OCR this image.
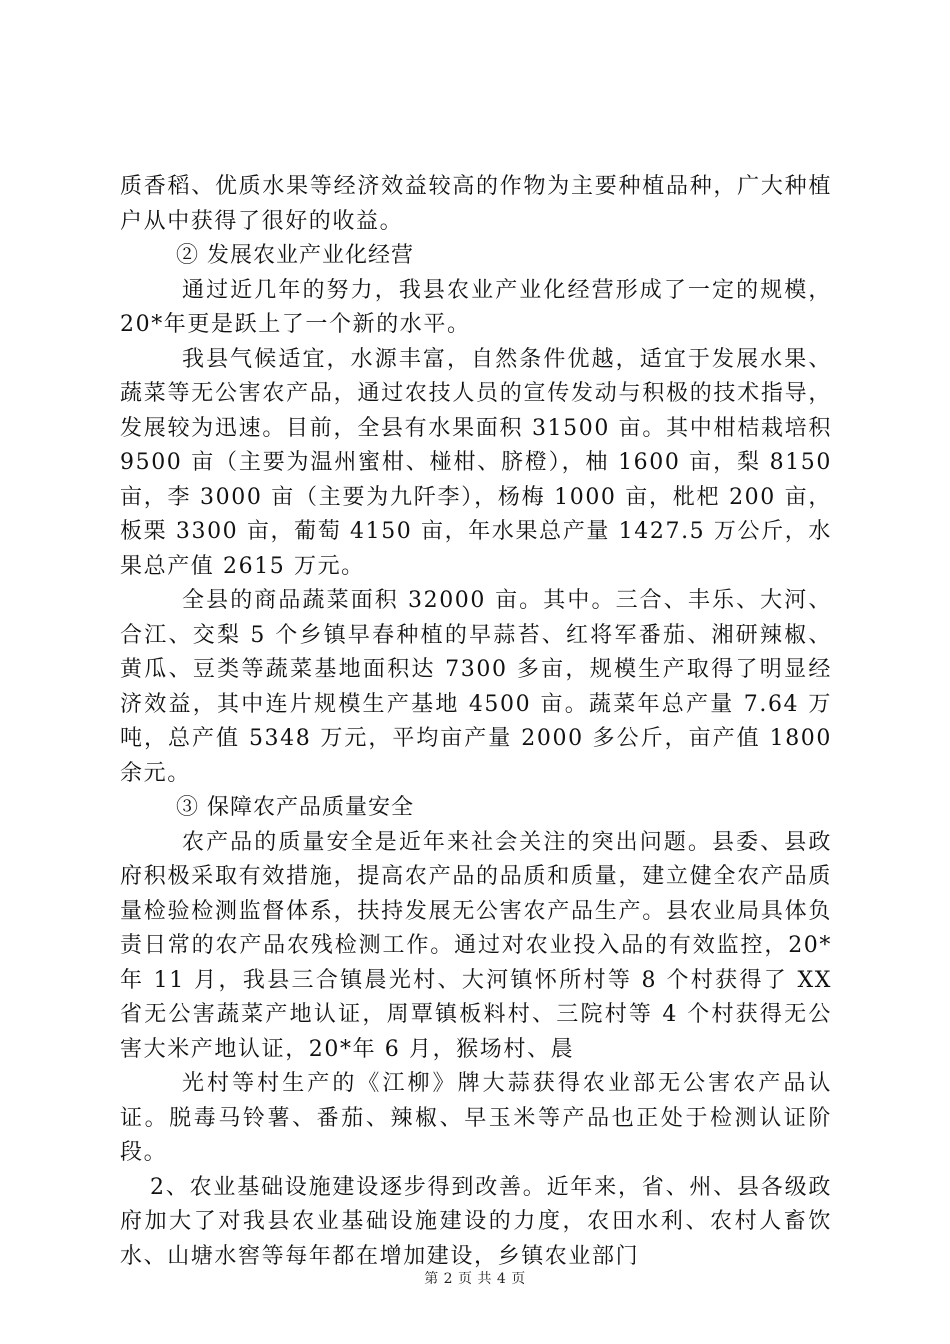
质香稻、优质水果等经济效益较高的作物为主要种植品种，广大种植户从中获得了很好的收益。

② 发展农业产业化经营

通过近几年的努力，我县农业产业化经营形成了一定的规模，20*年更是跃上了一个新的水平。

我县气候适宜，水源丰富，自然条件优越，适宜于发展水果、蔬菜等无公害农产品，通过农技人员的宣传发动与积极的技术指导，发展较为迅速。目前，全县有水果面积 31500 亩。其中柑桔栽培积 9500 亩（主要为温州蜜柑、椪柑、脐橙），柚 1600 亩，梨 8150 亩，李 3000 亩（主要为九阡李），杨梅 1000 亩，枇杷 200 亩，板栗 3300 亩，葡萄 4150 亩，年水果总产量 1427.5 万公斤，水果总产值 2615 万元。

全县的商品蔬菜面积 32000 亩。其中。三合、丰乐、大河、合江、交梨 5 个乡镇早春种植的早蒜苔、红将军番茄、湘研辣椒、黄瓜、豆类等蔬菜基地面积达 7300 多亩，规模生产取得了明显经济效益，其中连片规模生产基地 4500 亩。蔬菜年总产量 7.64 万吨，总产值 5348 万元，平均亩产量 2000 多公斤，亩产值 1800 余元。

③ 保障农产品质量安全

农产品的质量安全是近年来社会关注的突出问题。县委、县政府积极采取有效措施，提高农产品的品质和质量，建立健全农产品质量检验检测监督体系，扶持发展无公害农产品生产。县农业局具体负责日常的农产品农残检测工作。通过对农业投入品的有效监控，20*年 11 月，我县三合镇晨光村、大河镇怀所村等 8 个村获得了 XX 省无公害蔬菜产地认证，周覃镇板料村、三院村等 4 个村获得无公害大米产地认证，20*年 6 月，猴场村、晨

光村等村生产的《江柳》牌大蒜获得农业部无公害农产品认证。脱毒马铃薯、番茄、辣椒、早玉米等产品也正处于检测认证阶段。

2、农业基础设施建设逐步得到改善。近年来，省、州、县各级政府加大了对我县农业基础设施建设的力度，农田水利、农村人畜饮水、山塘水窖等每年都在增加建设，乡镇农业部门

第 2 页 共 4 页
